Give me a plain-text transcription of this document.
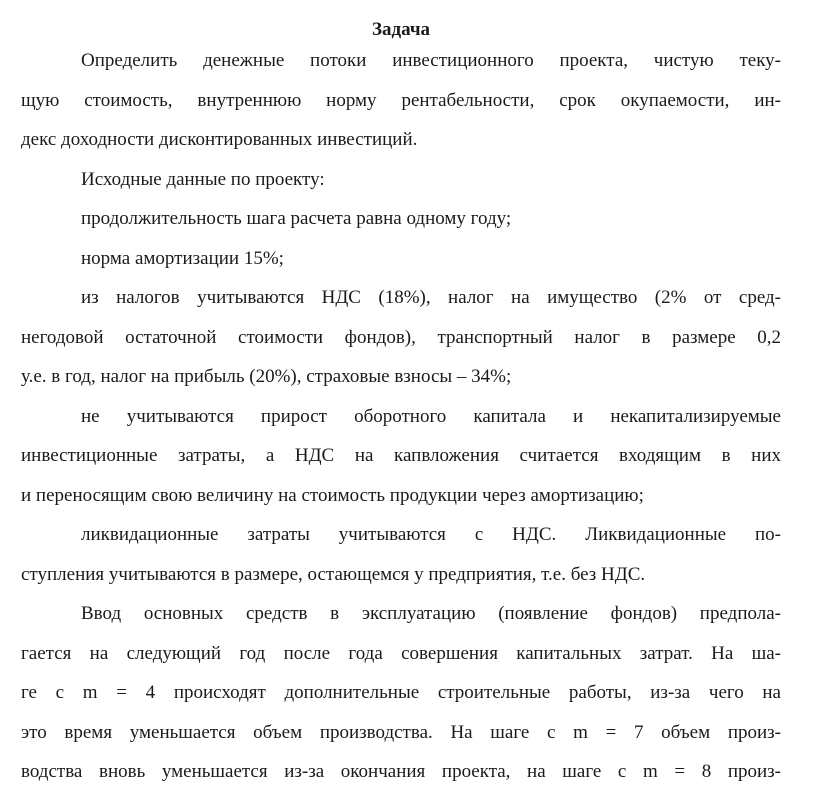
Задача
Определить денежные потоки инвестиционного проекта, чистую теку-
щую стоимость, внутреннюю норму рентабельности, срок окупаемости, ин-
декс доходности дисконтированных инвестиций.
Исходные данные по проекту:
продолжительность шага расчета равна одному году;
норма амортизации 15%;
из налогов учитываются НДС (18%), налог на имущество (2% от сред-
негодовой остаточной стоимости фондов), транспортный налог в размере 0,2
у.е. в год, налог на прибыль (20%), страховые взносы – 34%;
не учитываются прирост оборотного капитала и некапитализируемые
инвестиционные затраты, а НДС на капвложения считается входящим в них
и переносящим свою величину на стоимость продукции через амортизацию;
ликвидационные затраты учитываются с НДС. Ликвидационные по-
ступления учитываются в размере, остающемся у предприятия, т.е. без НДС.
Ввод основных средств в эксплуатацию (появление фондов) предпола-
гается на следующий год после года совершения капитальных затрат. На ша-
ге с m = 4 происходят дополнительные строительные работы, из-за чего на
это время уменьшается объем производства. На шаге с m = 7 объем произ-
водства вновь уменьшается из-за окончания проекта, на шаге с m = 8 произ-
